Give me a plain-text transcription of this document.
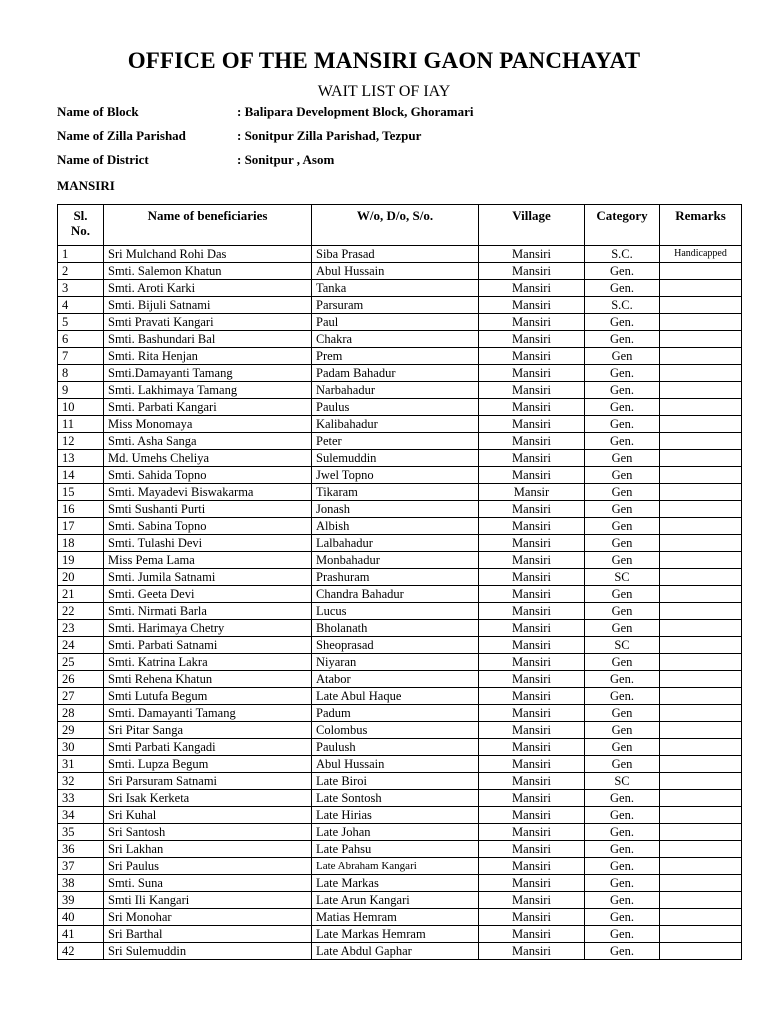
OFFICE OF THE MANSIRI GAON PANCHAYAT
WAIT LIST OF IAY
Name of Block	: Balipara Development Block, Ghoramari
Name of Zilla Parishad	: Sonitpur Zilla Parishad, Tezpur
Name of District	: Sonitpur , Asom
MANSIRI
Sl.
No.	Name of beneficiaries	W/o, D/o, S/o.	Village	Category	Remarks
1	Sri Mulchand Rohi Das	Siba Prasad	Mansiri	S.C.	Handicapped
2	Smti. Salemon Khatun	Abul Hussain	Mansiri	Gen.	
3	Smti. Aroti Karki	Tanka	Mansiri	Gen.	
4	Smti. Bijuli Satnami	Parsuram	Mansiri	S.C.	
5	Smti Pravati Kangari	Paul	Mansiri	Gen.	
6	Smti. Bashundari Bal	Chakra	Mansiri	Gen.	
7	Smti. Rita Henjan	Prem	Mansiri	Gen	
8	Smti.Damayanti Tamang	Padam Bahadur	Mansiri	Gen.	
9	Smti. Lakhimaya Tamang	Narbahadur	Mansiri	Gen.	
10	Smti. Parbati Kangari	Paulus	Mansiri	Gen.	
11	Miss Monomaya	Kalibahadur	Mansiri	Gen.	
12	Smti. Asha Sanga	Peter	Mansiri	Gen.	
13	Md. Umehs Cheliya	Sulemuddin	Mansiri	Gen	
14	Smti. Sahida Topno	Jwel Topno	Mansiri	Gen	
15	Smti. Mayadevi Biswakarma	Tikaram	Mansir	Gen	
16	Smti Sushanti Purti	Jonash	Mansiri	Gen	
17	Smti. Sabina Topno	Albish	Mansiri	Gen	
18	Smti. Tulashi Devi	Lalbahadur	Mansiri	Gen	
19	Miss Pema Lama	Monbahadur	Mansiri	Gen	
20	Smti. Jumila Satnami	Prashuram	Mansiri	SC	
21	Smti. Geeta Devi	Chandra Bahadur	Mansiri	Gen	
22	Smti. Nirmati Barla	Lucus	Mansiri	Gen	
23	Smti. Harimaya Chetry	Bholanath	Mansiri	Gen	
24	Smti. Parbati Satnami	Sheoprasad	Mansiri	SC	
25	Smti. Katrina Lakra	Niyaran	Mansiri	Gen	
26	Smti Rehena Khatun	Atabor	Mansiri	Gen.	
27	Smti Lutufa Begum	Late Abul Haque	Mansiri	Gen.	
28	Smti. Damayanti Tamang	Padum	Mansiri	Gen	
29	Sri Pitar Sanga	Colombus	Mansiri	Gen	
30	Smti Parbati Kangadi	Paulush	Mansiri	Gen	
31	Smti. Lupza Begum	Abul Hussain	Mansiri	Gen	
32	Sri Parsuram Satnami	Late Biroi	Mansiri	SC	
33	Sri Isak Kerketa	Late Sontosh	Mansiri	Gen.	
34	Sri Kuhal	Late Hirias	Mansiri	Gen.	
35	Sri Santosh	Late Johan	Mansiri	Gen.	
36	Sri Lakhan	Late Pahsu	Mansiri	Gen.	
37	Sri Paulus	Late Abraham Kangari	Mansiri	Gen.	
38	Smti. Suna	Late Markas	Mansiri	Gen.	
39	Smti Ili Kangari	Late Arun Kangari	Mansiri	Gen.	
40	Sri Monohar	Matias Hemram	Mansiri	Gen.	
41	Sri Barthal	Late Markas Hemram	Mansiri	Gen.	
42	Sri Sulemuddin	Late Abdul Gaphar	Mansiri	Gen.	
